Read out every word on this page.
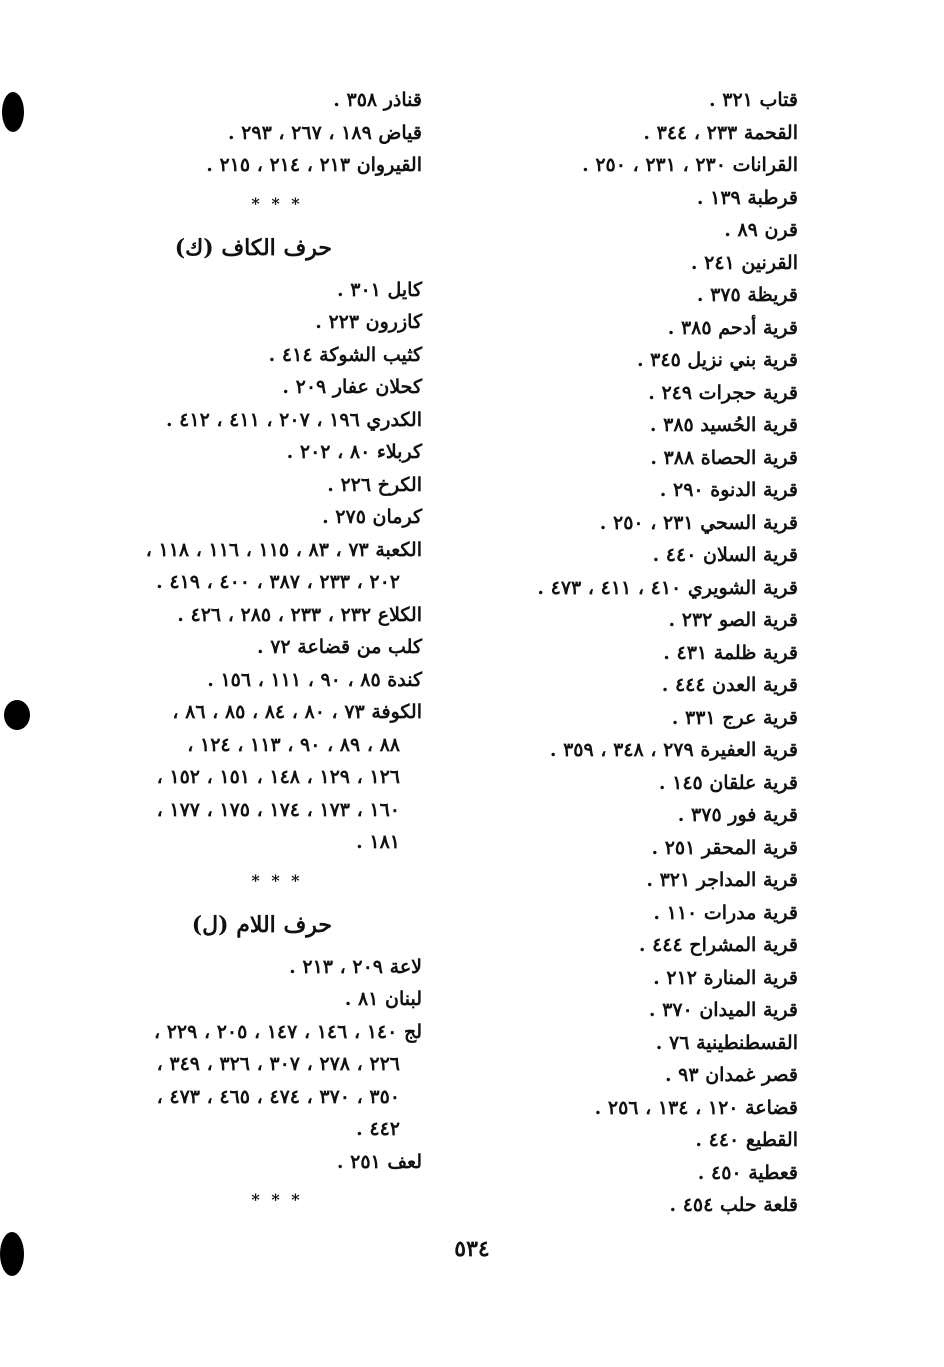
قتاب ٣٢١ .
القحمة ٢٣٣ ، ٣٤٤ .
القرانات ٢٣٠ ، ٢٣١ ، ٢٥٠ .
قرطبة ١٣٩ .
قرن ٨٩ .
القرنين ٢٤١ .
قريظة ٣٧٥ .
قرية أدحم ٣٨٥ .
قرية بني نزيل ٣٤٥ .
قرية حجرات ٢٤٩ .
قرية الحُسيد ٣٨٥ .
قرية الحصاة ٣٨٨ .
قرية الدنوة ٢٩٠ .
قرية السحي ٢٣١ ، ٢٥٠ .
قرية السلان ٤٤٠ .
قرية الشويري ٤١٠ ، ٤١١ ، ٤٧٣ .
قرية الصو ٢٣٢ .
قرية ظلمة ٤٣١ .
قرية العدن ٤٤٤ .
قرية عرج ٣٣١ .
قرية العفيرة ٢٧٩ ، ٣٤٨ ، ٣٥٩ .
قرية علقان ١٤٥ .
قرية فور ٣٧٥ .
قرية المحقر ٢٥١ .
قرية المداجر ٣٢١ .
قرية مدرات ١١٠ .
قرية المشراح ٤٤٤ .
قرية المنارة ٢١٢ .
قرية الميدان ٣٧٠ .
القسطنطينية ٧٦ .
قصر غمدان ٩٣ .
قضاعة ١٢٠ ، ١٣٤ ، ٢٥٦ .
القطيع ٤٤٠ .
قعطية ٤٥٠ .
قلعة حلب ٤٥٤ .
قناذر ٣٥٨ .
قياض ١٨٩ ، ٢٦٧ ، ٢٩٣ .
القيروان ٢١٣ ، ٢١٤ ، ٢١٥ .
* * *
حرف الكاف (ك)
كايل ٣٠١ .
كازرون ٢٢٣ .
كثيب الشوكة ٤١٤ .
كحلان عفار ٢٠٩ .
الكدري ١٩٦ ، ٢٠٧ ، ٤١١ ، ٤١٢ .
كربلاء ٨٠ ، ٢٠٢ .
الكرخ ٢٢٦ .
كرمان ٢٧٥ .
الكعبة ٧٣ ، ٨٣ ، ١١٥ ، ١١٦ ، ١١٨ ،
٢٠٢ ، ٢٣٣ ، ٣٨٧ ، ٤٠٠ ، ٤١٩ .
الكلاع ٢٣٢ ، ٢٣٣ ، ٢٨٥ ، ٤٢٦ .
كلب من قضاعة ٧٢ .
كندة ٨٥ ، ٩٠ ، ١١١ ، ١٥٦ .
الكوفة ٧٣ ، ٨٠ ، ٨٤ ، ٨٥ ، ٨٦ ،
٨٨ ، ٨٩ ، ٩٠ ، ١١٣ ، ١٢٤ ،
١٢٦ ، ١٢٩ ، ١٤٨ ، ١٥١ ، ١٥٢ ،
١٦٠ ، ١٧٣ ، ١٧٤ ، ١٧٥ ، ١٧٧ ،
١٨١ .
* * *
حرف اللام (ل)
لاعة ٢٠٩ ، ٢١٣ .
لبنان ٨١ .
لج ١٤٠ ، ١٤٦ ، ١٤٧ ، ٢٠٥ ، ٢٢٩ ،
٢٢٦ ، ٢٧٨ ، ٣٠٧ ، ٣٢٦ ، ٣٤٩ ،
٣٥٠ ، ٣٧٠ ، ٤٧٤ ، ٤٦٥ ، ٤٧٣ ،
٤٤٢ .
لعف ٢٥١ .
* * *
٥٣٤
